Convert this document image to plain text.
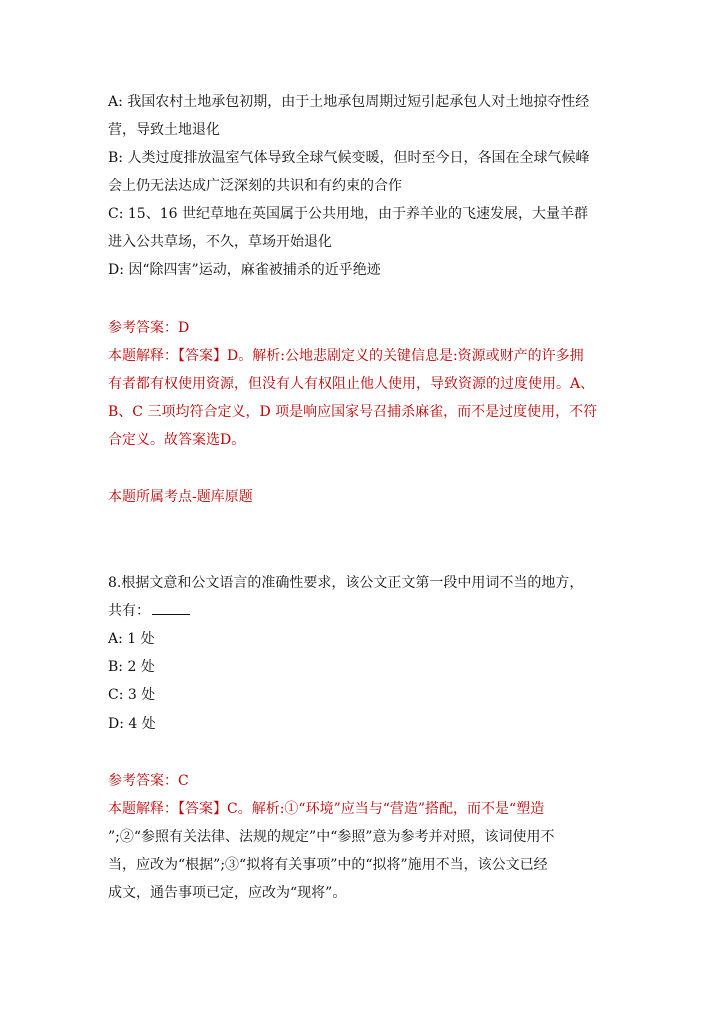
A: 我国农村土地承包初期，由于土地承包周期过短引起承包人对土地掠夺性经
营，导致土地退化
B: 人类过度排放温室气体导致全球气候变暖，但时至今日，各国在全球气候峰
会上仍无法达成广泛深刻的共识和有约束的合作
C: 15、16 世纪草地在英国属于公共用地，由于养羊业的飞速发展，大量羊群
进入公共草场，不久，草场开始退化
D: 因“除四害”运动，麻雀被捕杀的近乎绝迹
参考答案：D
本题解释：【答案】D。解析:公地悲剧定义的关键信息是:资源或财产的许多拥
有者都有权使用资源，但没有人有权阻止他人使用，导致资源的过度使用。A、
B、C 三项均符合定义，D 项是响应国家号召捕杀麻雀，而不是过度使用，不符
合定义。故答案选D。
本题所属考点-题库原题
8.根据文意和公文语言的准确性要求，该公文正文第一段中用词不当的地方，
共有：
A: 1 处
B: 2 处
C: 3 处
D: 4 处
参考答案：C
本题解释：【答案】C。解析:①“环境”应当与“营造”搭配，而不是“塑造
”;②“参照有关法律、法规的规定”中“参照”意为参考并对照，该词使用不
当，应改为“根据”;③“拟将有关事项”中的“拟将”施用不当，该公文已经
成文，通告事项已定，应改为“现将”。
